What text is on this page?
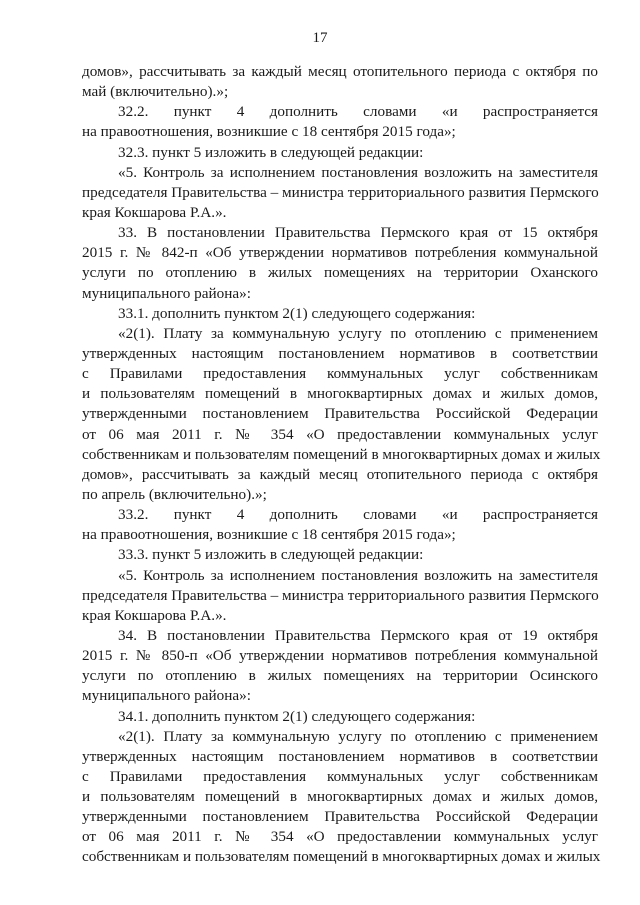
17
домов», рассчитывать за каждый месяц отопительного периода с октября по
май (включительно).»;
32.2. пункт 4 дополнить словами «и распространяется
на правоотношения, возникшие с 18 сентября 2015 года»;
32.3. пункт 5 изложить в следующей редакции:
«5. Контроль за исполнением постановления возложить на заместителя
председателя Правительства – министра территориального развития Пермского
края Кокшарова Р.А.».
33. В постановлении Правительства Пермского края от 15 октября
2015 г. № 842-п «Об утверждении нормативов потребления коммунальной
услуги по отоплению в жилых помещениях на территории Оханского
муниципального района»:
33.1. дополнить пунктом 2(1) следующего содержания:
«2(1). Плату за коммунальную услугу по отоплению с применением
утвержденных настоящим постановлением нормативов в соответствии
с Правилами предоставления коммунальных услуг собственникам
и пользователям помещений в многоквартирных домах и жилых домов,
утвержденными постановлением Правительства Российской Федерации
от 06 мая 2011 г. № 354 «О предоставлении коммунальных услуг
собственникам и пользователям помещений в многоквартирных домах и жилых
домов», рассчитывать за каждый месяц отопительного периода с октября
по апрель (включительно).»;
33.2. пункт 4 дополнить словами «и распространяется
на правоотношения, возникшие с 18 сентября 2015 года»;
33.3. пункт 5 изложить в следующей редакции:
«5. Контроль за исполнением постановления возложить на заместителя
председателя Правительства – министра территориального развития Пермского
края Кокшарова Р.А.».
34. В постановлении Правительства Пермского края от 19 октября
2015 г. № 850-п «Об утверждении нормативов потребления коммунальной
услуги по отоплению в жилых помещениях на территории Осинского
муниципального района»:
34.1. дополнить пунктом 2(1) следующего содержания:
«2(1). Плату за коммунальную услугу по отоплению с применением
утвержденных настоящим постановлением нормативов в соответствии
с Правилами предоставления коммунальных услуг собственникам
и пользователям помещений в многоквартирных домах и жилых домов,
утвержденными постановлением Правительства Российской Федерации
от 06 мая 2011 г. № 354 «О предоставлении коммунальных услуг
собственникам и пользователям помещений в многоквартирных домах и жилых
